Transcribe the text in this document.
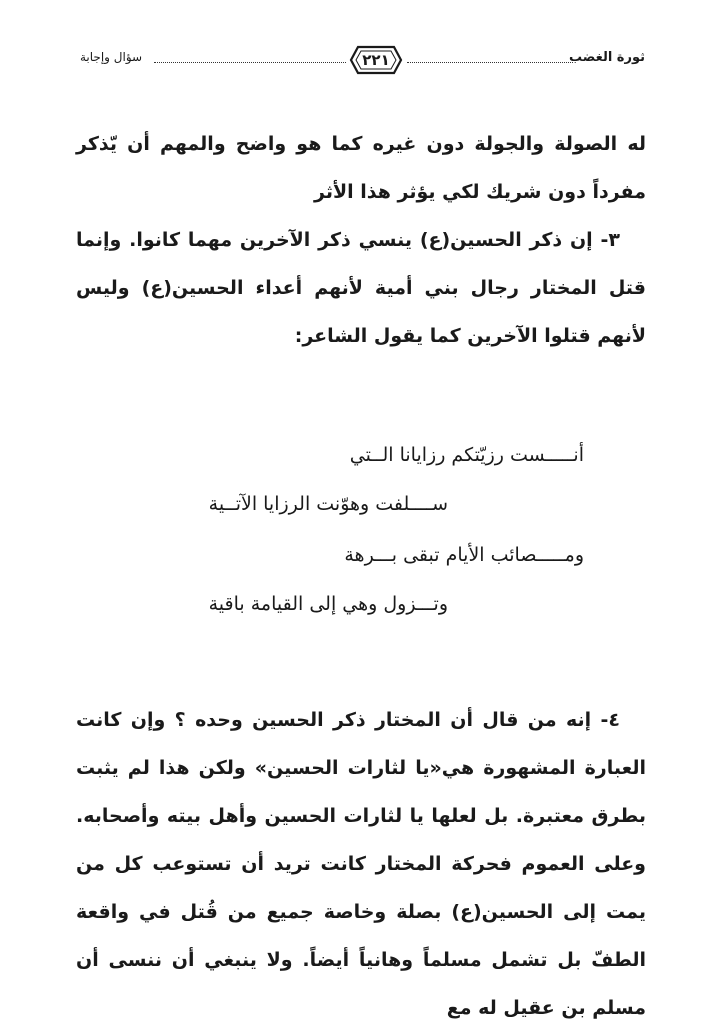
ثورة الغضب
٢٢١
سؤال وإجابة

له الصولة والجولة دون غيره كما هو واضح والمهم أن يّذكر مفرداً دون شريك لكي يؤثر هذا الأثر

٣- إن ذكر الحسين(ع) ينسي ذكر الآخرين مهما كانوا. وإنما قتل المختار رجال بني أمية لأنهم أعداء الحسين(ع) وليس لأنهم قتلوا الآخرين كما يقول الشاعر:

أنـــــست رزيّتكم رزايانا الــتي
ســــلفت وهوّنت الرزايا الآتــية
ومـــــصائب الأيام تبقى بـــرهة
وتـــزول وهي إلى القيامة باقية

٤- إنه من قال أن المختار ذكر الحسين وحده ؟ وإن كانت العبارة المشهورة هي«يا لثارات الحسين» ولكن هذا لم يثبت بطرق معتبرة. بل لعلها يا لثارات الحسين وأهل بيته وأصحابه. وعلى العموم فحركة المختار كانت تريد أن تستوعب كل من يمت إلى الحسين(ع) بصلة وخاصة جميع من قُتل في واقعة الطفّ بل تشمل مسلماً وهانياً أيضاً. ولا ينبغي أن ننسى أن مسلم بن عقيل له مع
